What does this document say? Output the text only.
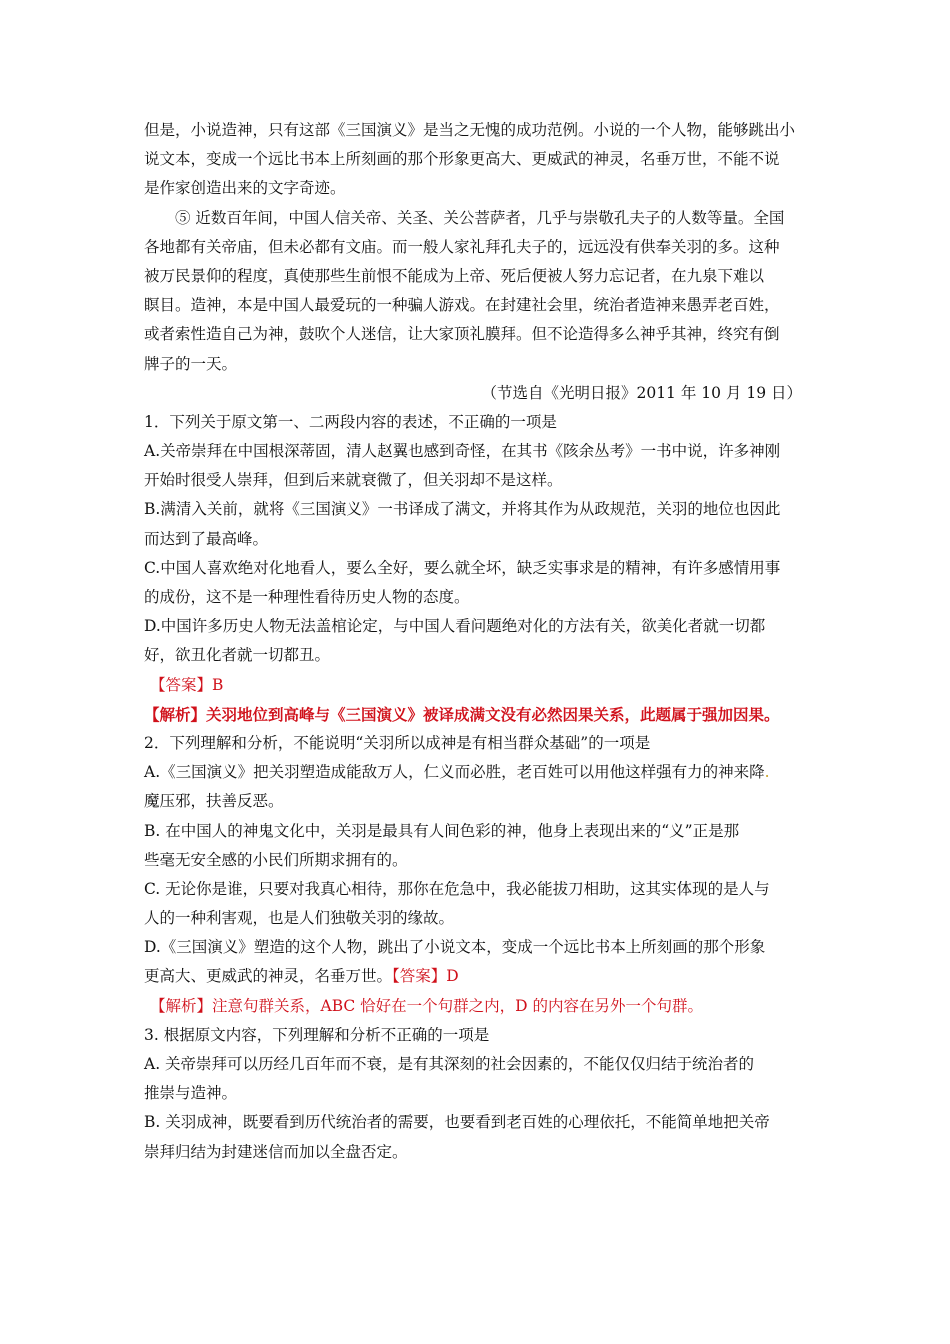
但是，小说造神，只有这部《三国演义》是当之无愧的成功范例。小说的一个人物，能够跳出小
说文本，变成一个远比书本上所刻画的那个形象更高大、更威武的神灵，名垂万世，不能不说
是作家创造出来的文字奇迹。
⑤ 近数百年间，中国人信关帝、关圣、关公菩萨者，几乎与崇敬孔夫子的人数等量。全国
各地都有关帝庙，但未必都有文庙。而一般人家礼拜孔夫子的，远远没有供奉关羽的多。这种
被万民景仰的程度，真使那些生前恨不能成为上帝、死后便被人努力忘记者，在九泉下难以
瞑目。造神，本是中国人最爱玩的一种骗人游戏。在封建社会里，统治者造神来愚弄老百姓，
或者索性造自己为神，鼓吹个人迷信，让大家顶礼膜拜。但不论造得多么神乎其神，终究有倒
牌子的一天。
（节选自《光明日报》2011 年 10 月 19 日）
1．下列关于原文第一、二两段内容的表述，不正确的一项是
A.关帝崇拜在中国根深蒂固，清人赵翼也感到奇怪，在其书《陔余丛考》一书中说，许多神刚
开始时很受人崇拜，但到后来就衰微了，但关羽却不是这样。
B.满清入关前，就将《三国演义》一书译成了满文，并将其作为从政规范，关羽的地位也因此
而达到了最高峰。
C.中国人喜欢绝对化地看人，要么全好，要么就全坏，缺乏实事求是的精神，有许多感情用事
的成份，这不是一种理性看待历史人物的态度。
D.中国许多历史人物无法盖棺论定，与中国人看问题绝对化的方法有关，欲美化者就一切都
好，欲丑化者就一切都丑。
【答案】B
【解析】关羽地位到高峰与《三国演义》被译成满文没有必然因果关系，此题属于强加因果。
2．下列理解和分析，不能说明“关羽所以成神是有相当群众基础”的一项是
A.《三国演义》把关羽塑造成能敌万人，仁义而必胜，老百姓可以用他这样强有力的神来降.
魔压邪，扶善反恶。
B. 在中国人的神鬼文化中，关羽是最具有人间色彩的神，他身上表现出来的“义”正是那
些毫无安全感的小民们所期求拥有的。
C. 无论你是谁，只要对我真心相待，那你在危急中，我必能拔刀相助，这其实体现的是人与
人的一种利害观，也是人们独敬关羽的缘故。
D.《三国演义》塑造的这个人物，跳出了小说文本，变成一个远比书本上所刻画的那个形象
更高大、更威武的神灵，名垂万世。【答案】D
【解析】注意句群关系，ABC 恰好在一个句群之内，D 的内容在另外一个句群。
3. 根据原文内容，下列理解和分析不正确的一项是
A. 关帝崇拜可以历经几百年而不衰，是有其深刻的社会因素的，不能仅仅归结于统治者的
推崇与造神。
B. 关羽成神，既要看到历代统治者的需要，也要看到老百姓的心理依托，不能简单地把关帝
崇拜归结为封建迷信而加以全盘否定。
